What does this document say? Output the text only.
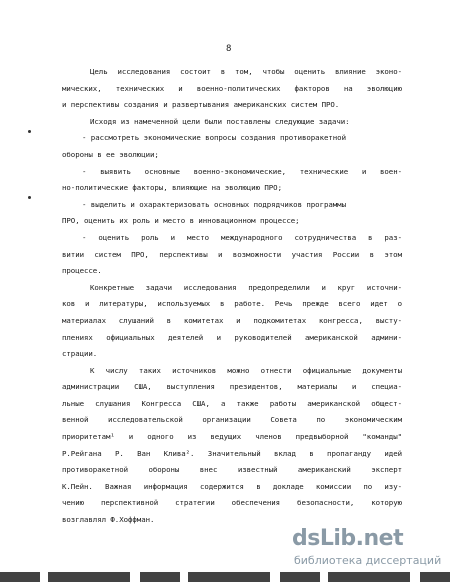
8
Цель исследования состоит в том, чтобы оценить влияние эконо-
мических, технических и военно-политических факторов на эволюцию
и перспективы создания и развертывания американских систем ПРО.
Исходя из намеченной цели были поставлены следующие задачи:
- рассмотреть экономические вопросы создания противоракетной
обороны в ее эволюции;
- выявить основные военно-экономические, технические и воен-
но-политические факторы, влияющие на эволюцию ПРО;
- выделить и охарактеризовать основных подрядчиков программы
ПРО, оценить их роль и место в инновационном процессе;
- оценить роль и место международного сотрудничества в раз-
витии систем ПРО, перспективы и возможности участия России в этом
процессе.
Конкретные задачи исследования предопределили и круг источни-
ков и литературы, используемых в работе. Речь прежде всего идет о
материалах слушаний в комитетах и подкомитетах конгресса, высту-
плениях официальных деятелей и руководителей американской админи-
страции.
К числу таких источников можно отнести официальные документы
администрации США, выступления президентов, материалы и специа-
льные слушания Конгресса США, а также работы американской общест-
венной исследовательской организации Совета по экономическим
приоритетам¹ и одного из ведущих членов предвыборной "команды"
Р.Рейгана Р. Ван Клива². Значительный вклад в пропаганду идей
противоракетной обороны внес известный американский эксперт
К.Пейн. Важная информация содержится в докладе комиссии по изу-
чению перспективной стратегии обеспечения безопасности, которую
возглавлял Ф.Хоффман.
dsLib.net
библиотека диссертаций
